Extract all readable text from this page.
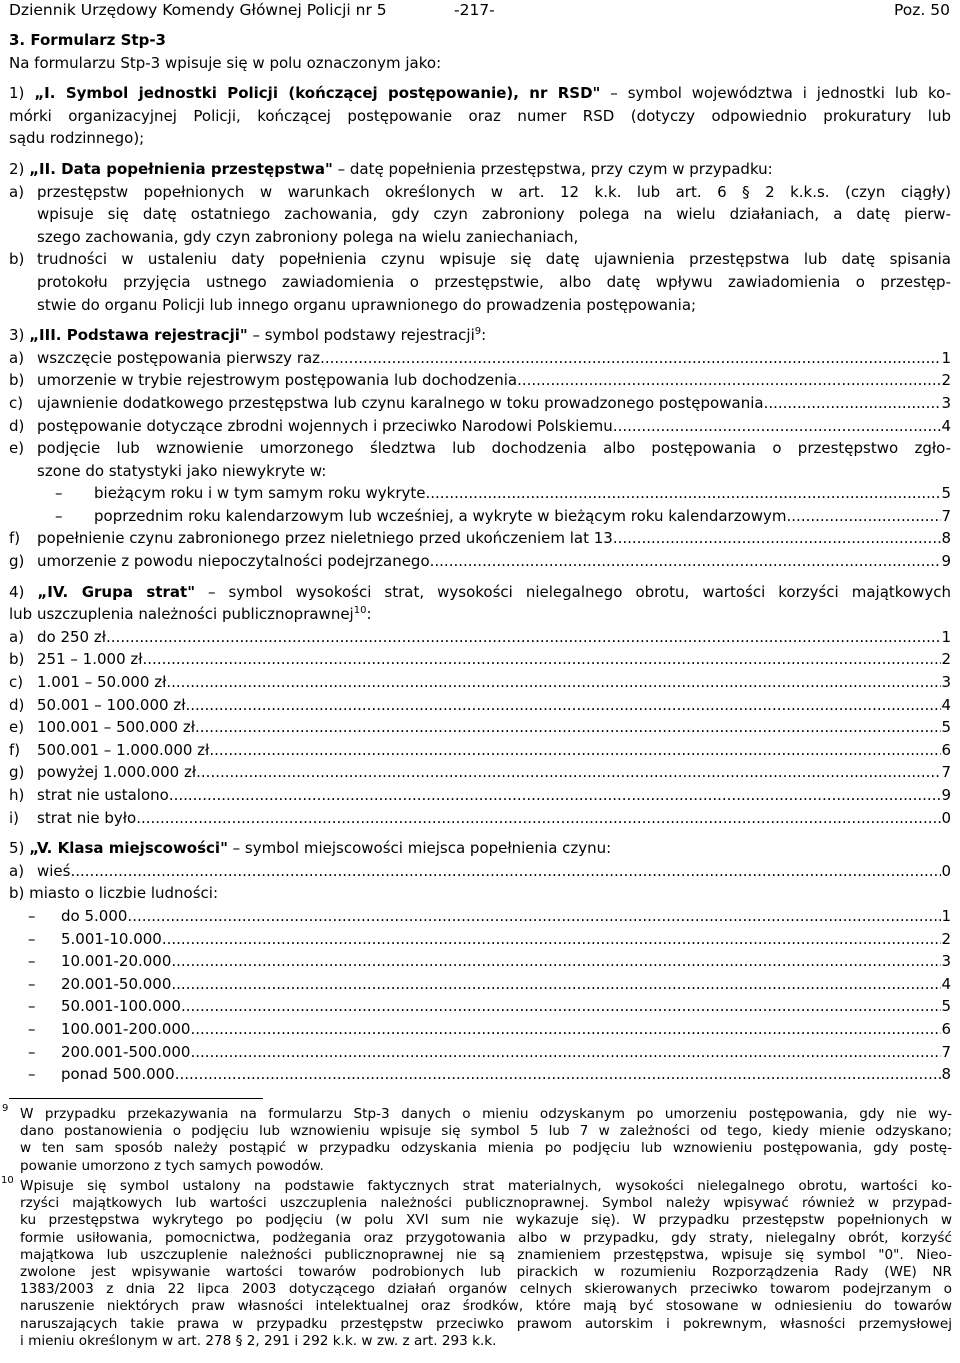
Dziennik Urzędowy Komendy Głównej Policji nr 5	-217-	Poz. 50
3. Formularz Stp-3
Na formularzu Stp-3 wpisuje się w polu oznaczonym jako:
1) „I. Symbol jednostki Policji (kończącej postępowanie), nr RSD" – symbol województwa i jednostki lub ko-
mórki organizacyjnej Policji, kończącej postępowanie oraz numer RSD (dotyczy odpowiednio prokuratury lub
sądu rodzinnego);
2) „II. Data popełnienia przestępstwa" – datę popełnienia przestępstwa, przy czym w przypadku:
a) przestępstw popełnionych w warunkach określonych w art. 12 k.k. lub art. 6 § 2 k.k.s. (czyn ciągły)
wpisuje się datę ostatniego zachowania, gdy czyn zabroniony polega na wielu działaniach, a datę pierw-
szego zachowania, gdy czyn zabroniony polega na wielu zaniechaniach,
b) trudności w ustaleniu daty popełnienia czynu wpisuje się datę ujawnienia przestępstwa lub datę spisania
protokołu przyjęcia ustnego zawiadomienia o przestępstwie, albo datę wpływu zawiadomienia o przestęp-
stwie do organu Policji lub innego organu uprawnionego do prowadzenia postępowania;
3) „III. Podstawa rejestracji" – symbol podstawy rejestracji$^9$:
a) wszczęcie postępowania pierwszy raz .....	1
b) umorzenie w trybie rejestrowym postępowania lub dochodzenia .....	2
c) ujawnienie dodatkowego przestępstwa lub czynu karalnego w toku prowadzonego postępowania .....	3
d) postępowanie dotyczące zbrodni wojennych i przeciwko Narodowi Polskiemu .....	4
e) podjęcie lub wznowienie umorzonego śledztwa lub dochodzenia albo postępowania o przestępstwo zgło-
szone do statystyki jako niewykryte w:
–	bieżącym roku i w tym samym roku wykryte .....	5
–	poprzednim roku kalendarzowym lub wcześniej, a wykryte w bieżącym roku kalendarzowym .....	7
f)	popełnienie czynu zabronionego przez nieletniego przed ukończeniem lat 13 .....	8
g) umorzenie z powodu niepoczytalności podejrzanego .....	9
4) „IV. Grupa strat" – symbol wysokości strat, wysokości nielegalnego obrotu, wartości korzyści majątkowych
lub uszczuplenia należności publicznoprawnej$^{10}$:
a) do 250 zł .....	1
b) 251 – 1.000 zł .....	2
c) 1.001 – 50.000 zł .....	3
d) 50.001 – 100.000 zł .....	4
e) 100.001 – 500.000 zł .....	5
f)	500.001 – 1.000.000 zł .....	6
g) powyżej 1.000.000 zł .....	7
h) strat nie ustalono .....	9
i)	strat nie było .....	0
5) „V. Klasa miejscowości" – symbol miejscowości miejsca popełnienia czynu:
a) wieś .....	0
b) miasto o liczbie ludności:
–	do 5.000 .....	1
–	5.001-10.000 .....	2
–	10.001-20.000 .....	3
–	20.001-50.000 .....	4
–	50.001-100.000 .....	5
–	100.001-200.000 .....	6
–	200.001-500.000 .....	7
–	ponad 500.000 .....	8
9 W przypadku przekazywania na formularzu Stp-3 danych o mieniu odzyskanym po umorzeniu postępowania, gdy nie wy-
dano postanowienia o podjęciu lub wznowieniu wpisuje się symbol 5 lub 7 w zależności od tego, kiedy mienie odzyskano;
w ten sam sposób należy postąpić w przypadku odzyskania mienia po podjęciu lub wznowieniu postępowania, gdy postę-
powanie umorzono z tych samych powodów.
10 Wpisuje się symbol ustalony na podstawie faktycznych strat materialnych, wysokości nielegalnego obrotu, wartości ko-
rzyści majątkowych lub wartości uszczuplenia należności publicznoprawnej. Symbol należy wpisywać również w przypad-
ku przestępstwa wykrytego po podjęciu (w polu XVI sum nie wykazuje się). W przypadku przestępstw popełnionych w
formie usiłowania, pomocnictwa, podżegania oraz przygotowania albo w przypadku, gdy straty, nielegalny obrót, korzyść
majątkowa lub uszczuplenie należności publicznoprawnej nie są znamieniem przestępstwa, wpisuje się symbol "0". Nieo-
zwolone jest wpisywanie wartości towarów podrobionych lub pirackich w rozumieniu Rozporządzenia Rady (WE) NR
1383/2003 z dnia 22 lipca 2003 dotyczącego działań organów celnych skierowanych przeciwko towarom podejrzanym o
naruszenie niektórych praw własności intelektualnej oraz środków, które mają być stosowane w odniesieniu do towarów
naruszających takie prawa w przypadku przestępstw przeciwko prawom autorskim i pokrewnym, własności przemysłowej
i mieniu określonym w art. 278 § 2, 291 i 292 k.k. w zw. z art. 293 k.k.
